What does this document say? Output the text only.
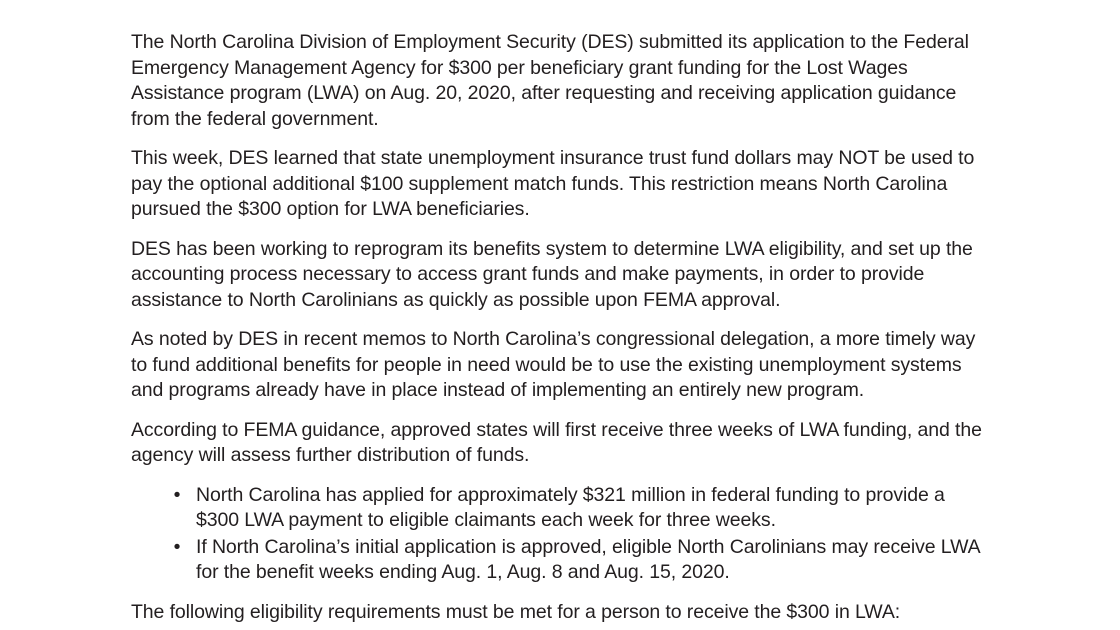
The North Carolina Division of Employment Security (DES) submitted its application to the Federal Emergency Management Agency for $300 per beneficiary grant funding for the Lost Wages Assistance program (LWA) on Aug. 20, 2020, after requesting and receiving application guidance from the federal government.

This week, DES learned that state unemployment insurance trust fund dollars may NOT be used to pay the optional additional $100 supplement match funds. This restriction means North Carolina pursued the $300 option for LWA beneficiaries.

DES has been working to reprogram its benefits system to determine LWA eligibility, and set up the accounting process necessary to access grant funds and make payments, in order to provide assistance to North Carolinians as quickly as possible upon FEMA approval.

As noted by DES in recent memos to North Carolina’s congressional delegation, a more timely way to fund additional benefits for people in need would be to use the existing unemployment systems and programs already have in place instead of implementing an entirely new program.

According to FEMA guidance, approved states will first receive three weeks of LWA funding, and the agency will assess further distribution of funds.

• North Carolina has applied for approximately $321 million in federal funding to provide a $300 LWA payment to eligible claimants each week for three weeks.
• If North Carolina’s initial application is approved, eligible North Carolinians may receive LWA for the benefit weeks ending Aug. 1, Aug. 8 and Aug. 15, 2020.

The following eligibility requirements must be met for a person to receive the $300 in LWA:
